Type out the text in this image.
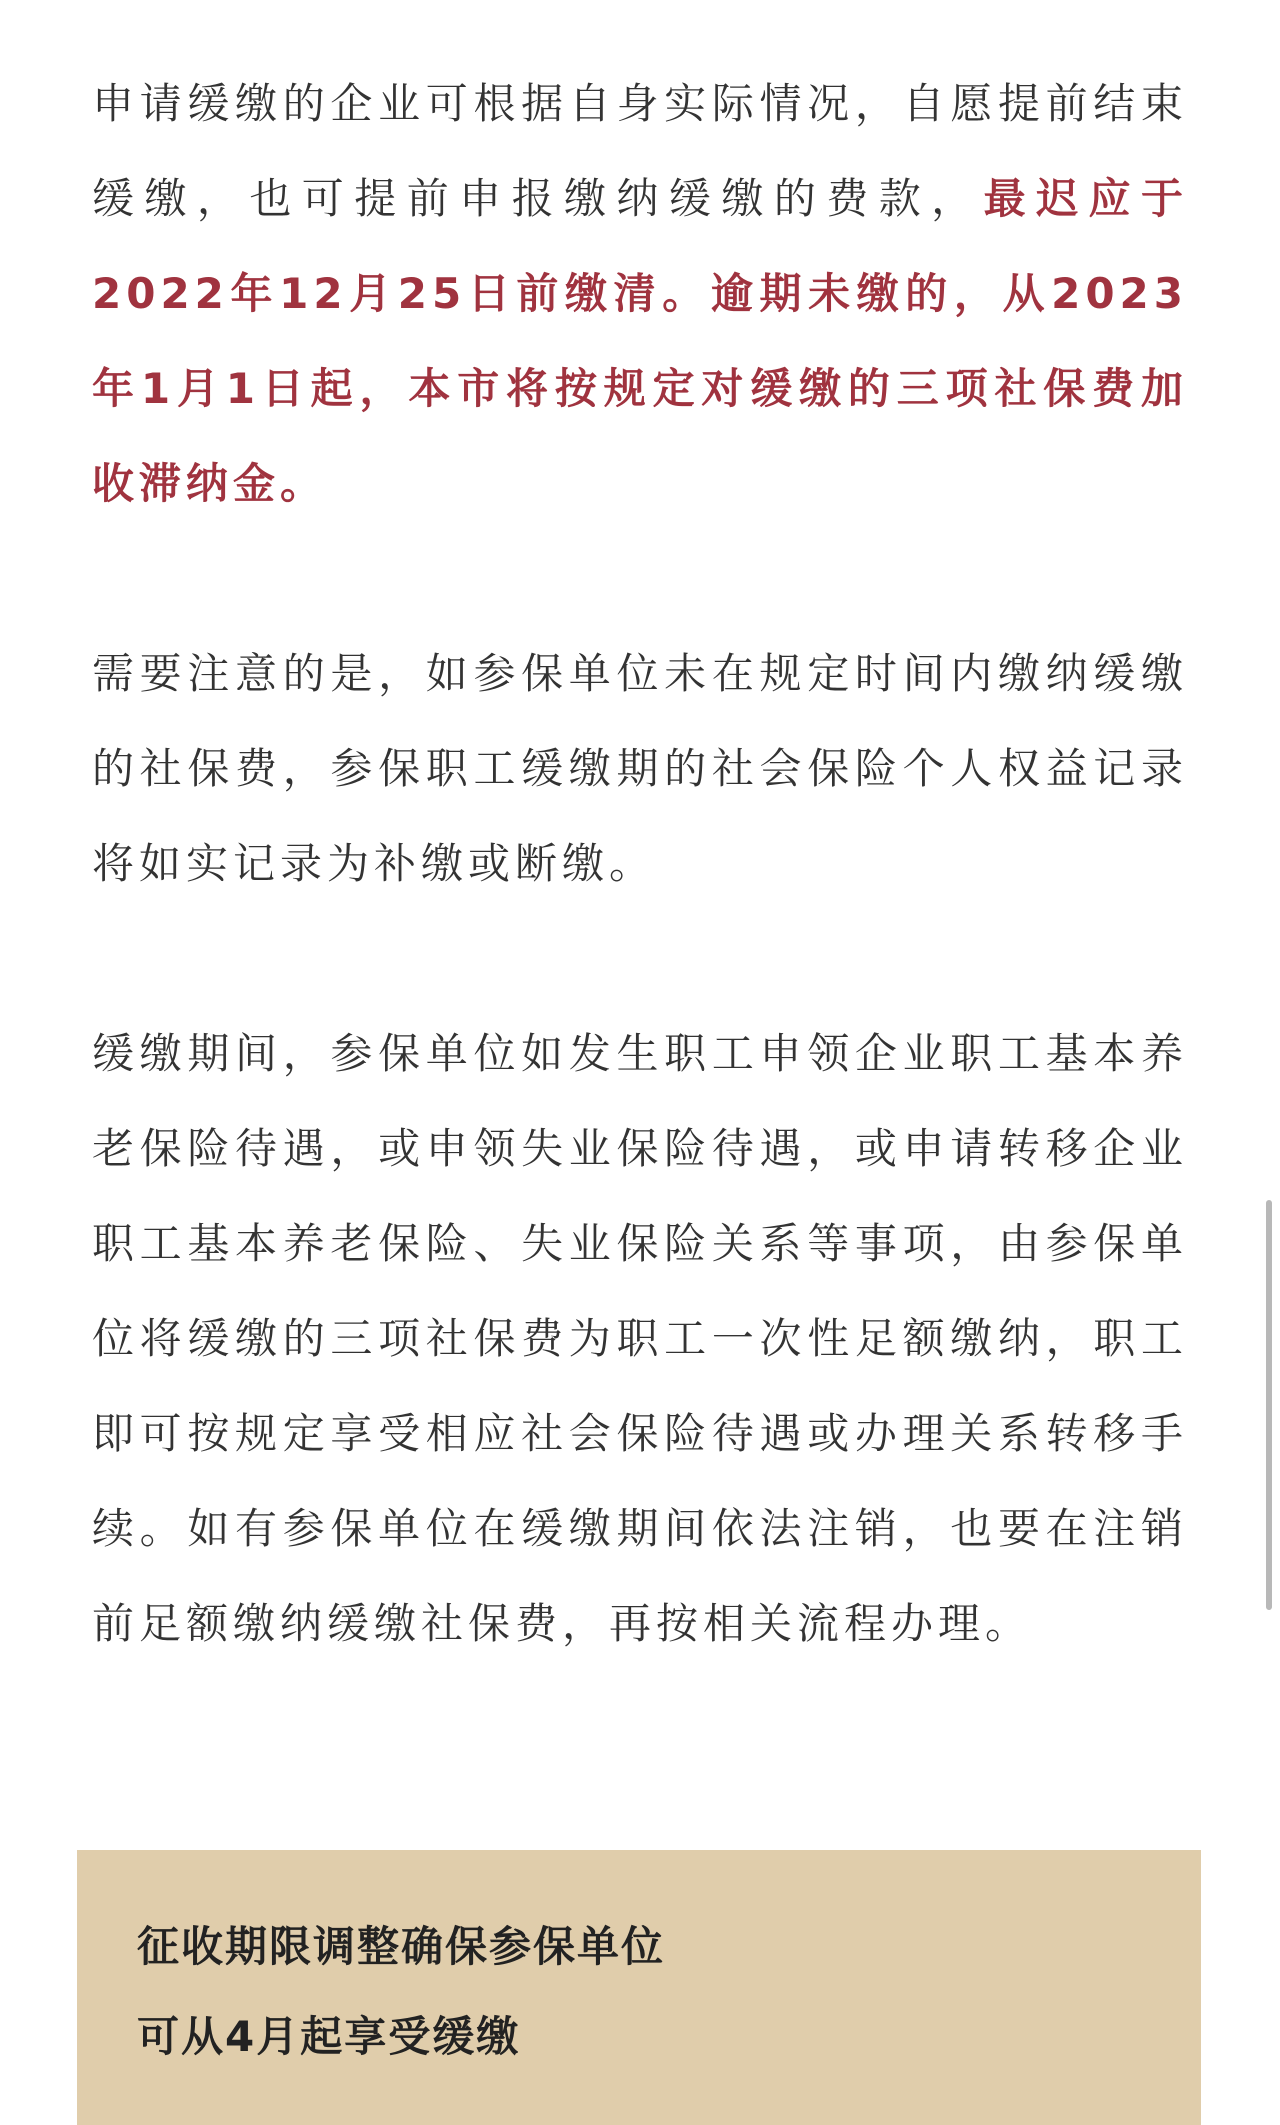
申请缓缴的企业可根据自身实际情况，自愿提前结束缓缴，也可提前申报缴纳缓缴的费款，最迟应于2022年12月25日前缴清。逾期未缴的，从2023年1月1日起，本市将按规定对缓缴的三项社保费加收滞纳金。

需要注意的是，如参保单位未在规定时间内缴纳缓缴的社保费，参保职工缓缴期的社会保险个人权益记录将如实记录为补缴或断缴。

缓缴期间，参保单位如发生职工申领企业职工基本养老保险待遇，或申领失业保险待遇，或申请转移企业职工基本养老保险、失业保险关系等事项，由参保单位将缓缴的三项社保费为职工一次性足额缴纳，职工即可按规定享受相应社会保险待遇或办理关系转移手续。如有参保单位在缓缴期间依法注销，也要在注销前足额缴纳缓缴社保费，再按相关流程办理。

征收期限调整确保参保单位
可从4月起享受缓缴
